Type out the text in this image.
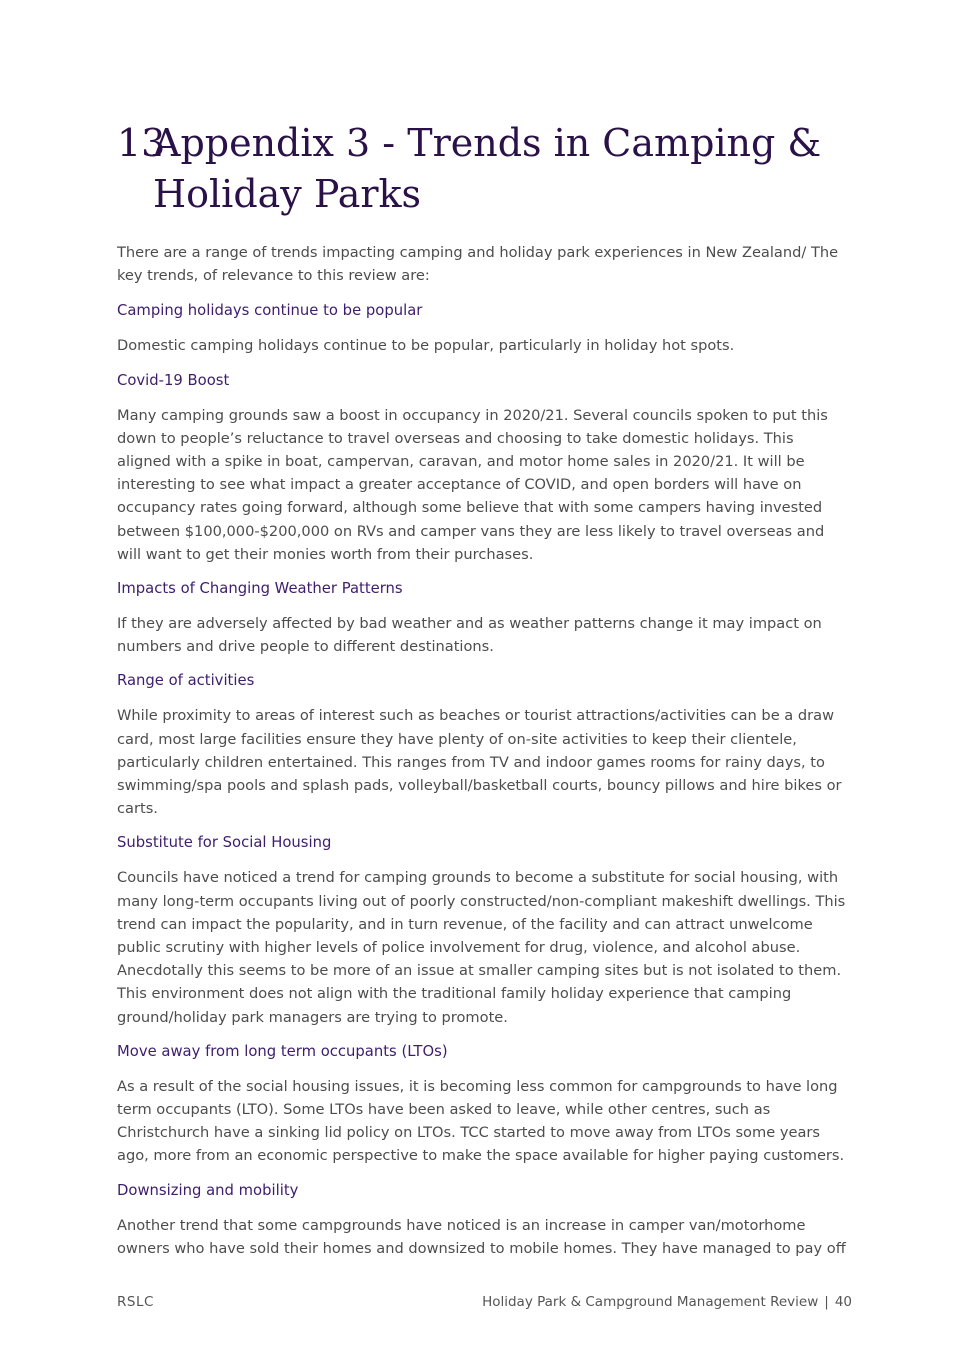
13
Appendix 3 - Trends in Camping & Holiday Parks

There are a range of trends impacting camping and holiday park experiences in New Zealand/ The key trends, of relevance to this review are:

Camping holidays continue to be popular

Domestic camping holidays continue to be popular, particularly in holiday hot spots.

Covid-19 Boost

Many camping grounds saw a boost in occupancy in 2020/21. Several councils spoken to put this down to people’s reluctance to travel overseas and choosing to take domestic holidays. This aligned with a spike in boat, campervan, caravan, and motor home sales in 2020/21. It will be interesting to see what impact a greater acceptance of COVID, and open borders will have on occupancy rates going forward, although some believe that with some campers having invested between $100,000-$200,000 on RVs and camper vans they are less likely to travel overseas and will want to get their monies worth from their purchases.

Impacts of Changing Weather Patterns

If they are adversely affected by bad weather and as weather patterns change it may impact on numbers and drive people to different destinations.

Range of activities

While proximity to areas of interest such as beaches or tourist attractions/activities can be a draw card, most large facilities ensure they have plenty of on-site activities to keep their clientele, particularly children entertained. This ranges from TV and indoor games rooms for rainy days, to swimming/spa pools and splash pads, volleyball/basketball courts, bouncy pillows and hire bikes or carts.

Substitute for Social Housing

Councils have noticed a trend for camping grounds to become a substitute for social housing, with many long-term occupants living out of poorly constructed/non-compliant makeshift dwellings. This trend can impact the popularity, and in turn revenue, of the facility and can attract unwelcome public scrutiny with higher levels of police involvement for drug, violence, and alcohol abuse. Anecdotally this seems to be more of an issue at smaller camping sites but is not isolated to them. This environment does not align with the traditional family holiday experience that camping ground/holiday park managers are trying to promote.

Move away from long term occupants (LTOs)

As a result of the social housing issues, it is becoming less common for campgrounds to have long term occupants (LTO). Some LTOs have been asked to leave, while other centres, such as Christchurch have a sinking lid policy on LTOs. TCC started to move away from LTOs some years ago, more from an economic perspective to make the space available for higher paying customers.

Downsizing and mobility

Another trend that some campgrounds have noticed is an increase in camper van/motorhome owners who have sold their homes and downsized to mobile homes. They have managed to pay off

RSLC	Holiday Park & Campground Management Review | 40
